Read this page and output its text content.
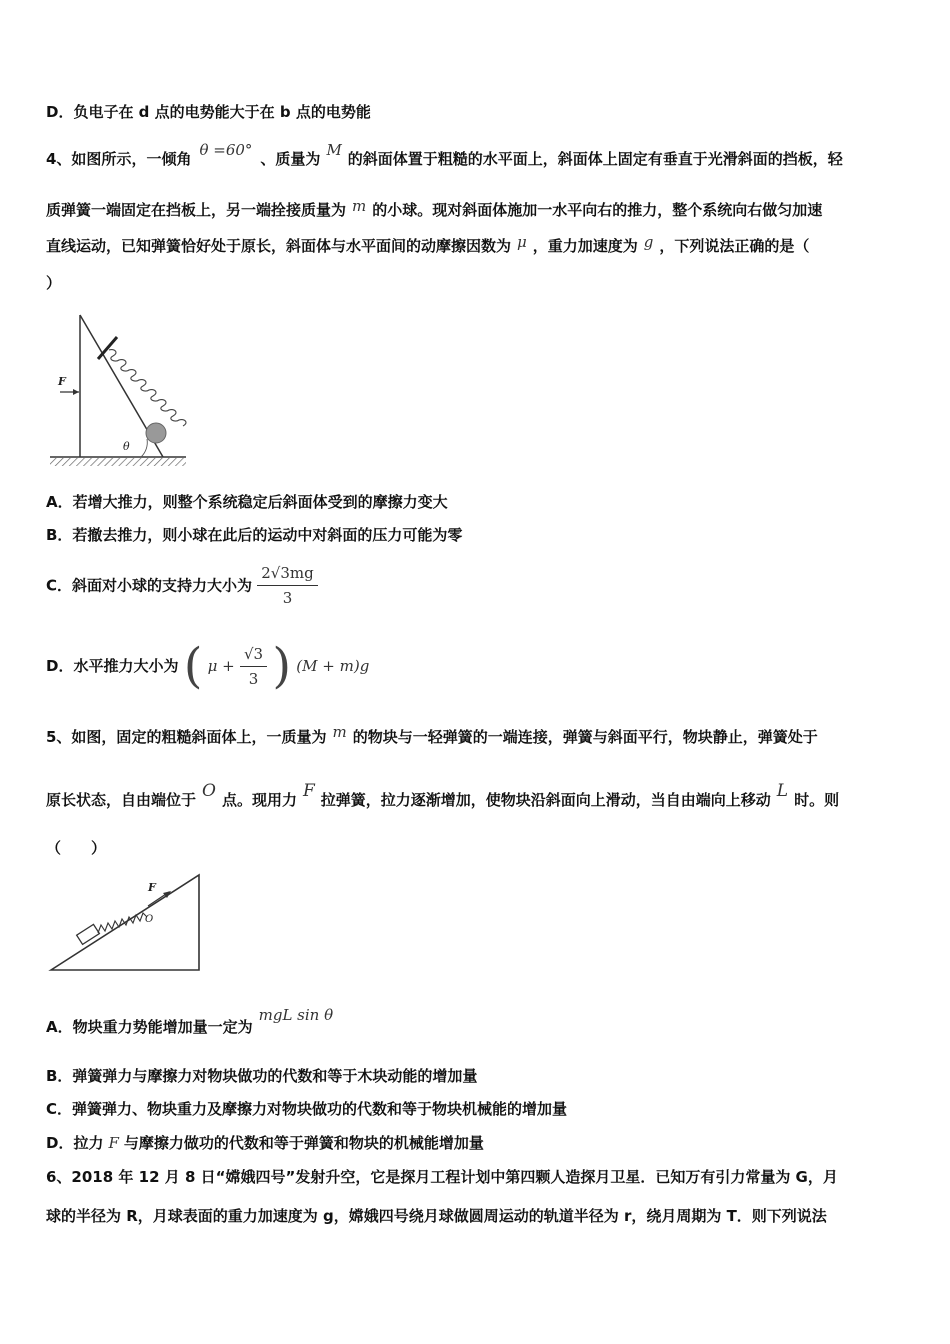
D．负电子在 d 点的电势能大于在 b 点的电势能
4、如图所示，一倾角 θ =60° 、质量为 M 的斜面体置于粗糙的水平面上，斜面体上固定有垂直于光滑斜面的挡板，轻
质弹簧一端固定在挡板上，另一端拴接质量为 m 的小球。现对斜面体施加一水平向右的推力，整个系统向右做匀加速
直线运动，已知弹簧恰好处于原长，斜面体与水平面间的动摩擦因数为 μ ，重力加速度为 g ，下列说法正确的是（
）
F
θ
A．若增大推力，则整个系统稳定后斜面体受到的摩擦力变大
B．若撤去推力，则小球在此后的运动中对斜面的压力可能为零
C．斜面对小球的支持力大小为 $\frac{2√3mg}{3}$
D．水平推力大小为 ( $\mu + \frac{√3}{3}$ ) (M + m)g
5、如图，固定的粗糙斜面体上，一质量为 m 的物块与一轻弹簧的一端连接，弹簧与斜面平行，物块静止，弹簧处于
原长状态，自由端位于 O 点。现用力 F 拉弹簧，拉力逐渐增加，使物块沿斜面向上滑动，当自由端向上移动 L 时。则
（　　）
F
O
A．物块重力势能增加量一定为mgL sin θ
B．弹簧弹力与摩擦力对物块做功的代数和等于木块动能的增加量
C．弹簧弹力、物块重力及摩擦力对物块做功的代数和等于物块机械能的增加量
D．拉力 F 与摩擦力做功的代数和等于弹簧和物块的机械能增加量
6、2018 年 12 月 8 日“嫦娥四号”发射升空，它是探月工程计划中第四颗人造探月卫星．已知万有引力常量为 G，月
球的半径为 R，月球表面的重力加速度为 g，嫦娥四号绕月球做圆周运动的轨道半径为 r，绕月周期为 T．则下列说法
